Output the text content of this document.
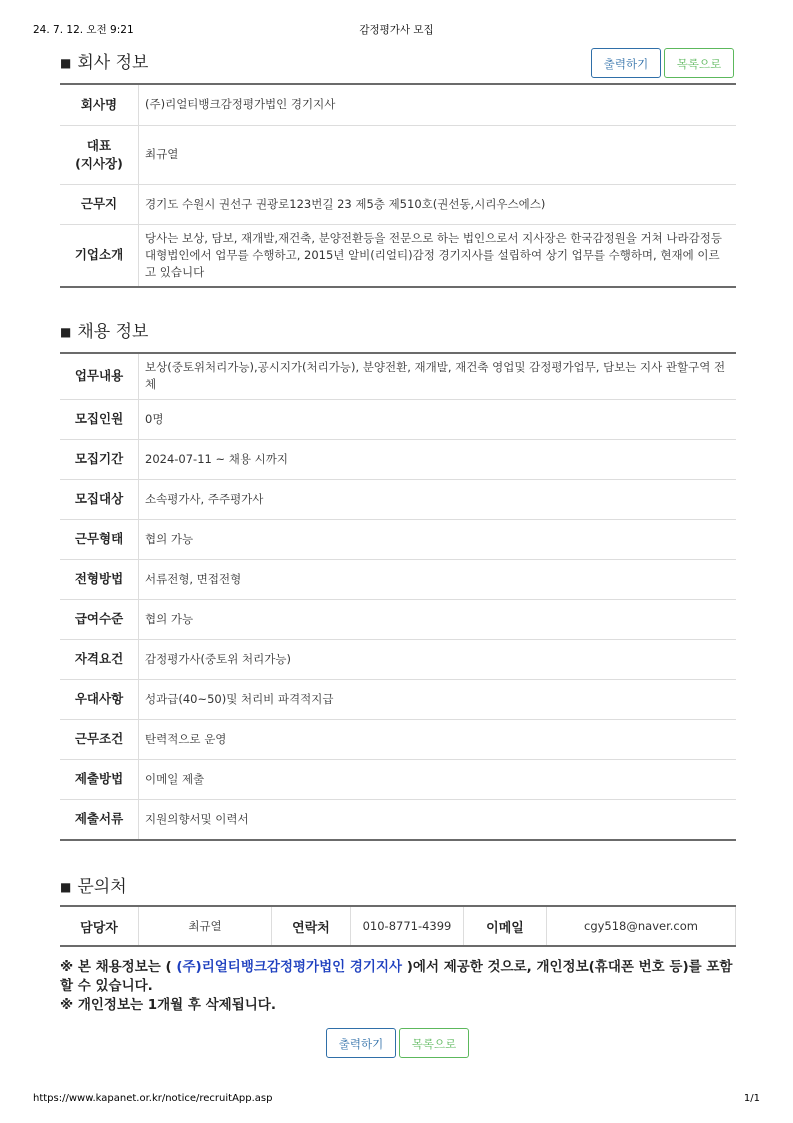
24. 7. 12. 오전 9:21	감정평가사 모집
■ 회사 정보	출력하기	목록으로
회사명	(주)리얼티뱅크감정평가법인 경기지사
대표
(지사장)	최규열
근무지	경기도 수원시 권선구 권광로123번길 23 제5층 제510호(권선동,시리우스에스)
기업소개	당사는 보상, 담보, 재개발,재건축, 분양전환등을 전문으로 하는 법인으로서 지사장은 한국감정원을 거쳐 나라감정등 대형법인에서 업무를 수행하고, 2015년 알비(리얼티)감정 경기지사를 설립하여 상기 업무를 수행하며, 현재에 이르고 있습니다
■ 채용 정보
업무내용	보상(중토위처리가능),공시지가(처리가능), 분양전환, 재개발, 재건축 영업및 감정평가업무, 담보는 지사 관할구역 전체
모집인원	0명
모집기간	2024-07-11 ~ 채용 시까지
모집대상	소속평가사, 주주평가사
근무형태	협의 가능
전형방법	서류전형, 면접전형
급여수준	협의 가능
자격요건	감정평가사(중토위 처리가능)
우대사항	성과급(40~50)및 처리비 파격적지급
근무조건	탄력적으로 운영
제출방법	이메일 제출
제출서류	지원의향서및 이력서
■ 문의처
담당자	최규열	연락처	010-8771-4399	이메일	cgy518@naver.com
※ 본 채용정보는 ( (주)리얼티뱅크감정평가법인 경기지사 )에서 제공한 것으로, 개인정보(휴대폰 번호 등)를 포함할 수 있습니다.
※ 개인정보는 1개월 후 삭제됩니다.
출력하기	목록으로
https://www.kapanet.or.kr/notice/recruitApp.asp	1/1
